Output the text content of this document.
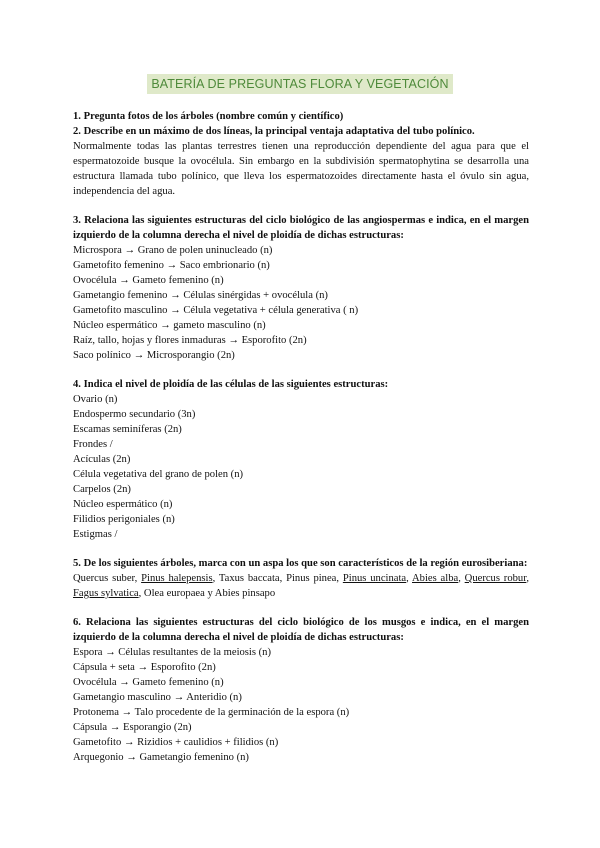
BATERÍA DE PREGUNTAS FLORA Y VEGETACIÓN

1. Pregunta fotos de los árboles (nombre común y científico)

2. Describe en un máximo de dos líneas, la principal ventaja adaptativa del tubo polínico.

Normalmente todas las plantas terrestres tienen una reproducción dependiente del agua para que el espermatozoide busque la ovocélula. Sin embargo en la subdivisión spermatophytina se desarrolla una estructura llamada tubo polínico, que lleva los espermatozoides directamente hasta el óvulo sin agua, independencia del agua.

3. Relaciona las siguientes estructuras del ciclo biológico de las angiospermas e indica, en el margen izquierdo de la columna derecha el nivel de ploidía de dichas estructuras:

Microspora → Grano de polen uninucleado (n)

Gametofito femenino → Saco embrionario (n)

Ovocélula → Gameto femenino (n)

Gametangio femenino → Células sinérgidas + ovocélula (n)

Gametofito masculino → Célula vegetativa + célula generativa ( n)

Núcleo espermático → gameto masculino (n)

Raíz, tallo, hojas y flores inmaduras → Esporofito (2n)

Saco polínico → Microsporangio (2n)

4. Indica el nivel de ploidía de las células de las siguientes estructuras:

Ovario (n)

Endospermo secundario (3n)

Escamas seminíferas (2n)

Frondes /

Acículas (2n)

Célula vegetativa del grano de polen (n)

Carpelos (2n)

Núcleo espermático (n)

Filidios perigoniales (n)

Estigmas /

5. De los siguientes árboles, marca con un aspa los que son característicos de la región eurosiberiana:

Quercus suber, Pinus halepensis, Taxus baccata, Pinus pinea, Pinus uncinata, Abies alba, Quercus robur, Fagus sylvatica, Olea europaea y Abies pinsapo

6. Relaciona las siguientes estructuras del ciclo biológico de los musgos e indica, en el margen izquierdo de la columna derecha el nivel de ploidía de dichas estructuras:

Espora → Células resultantes de la meiosis (n)

Cápsula + seta → Esporofito (2n)

Ovocélula → Gameto femenino (n)

Gametangio masculino → Anteridio (n)

Protonema → Talo procedente de la germinación de la espora (n)

Cápsula → Esporangio (2n)

Gametofito → Rizidios + caulidios + filidios (n)

Arquegonio → Gametangio femenino (n)
